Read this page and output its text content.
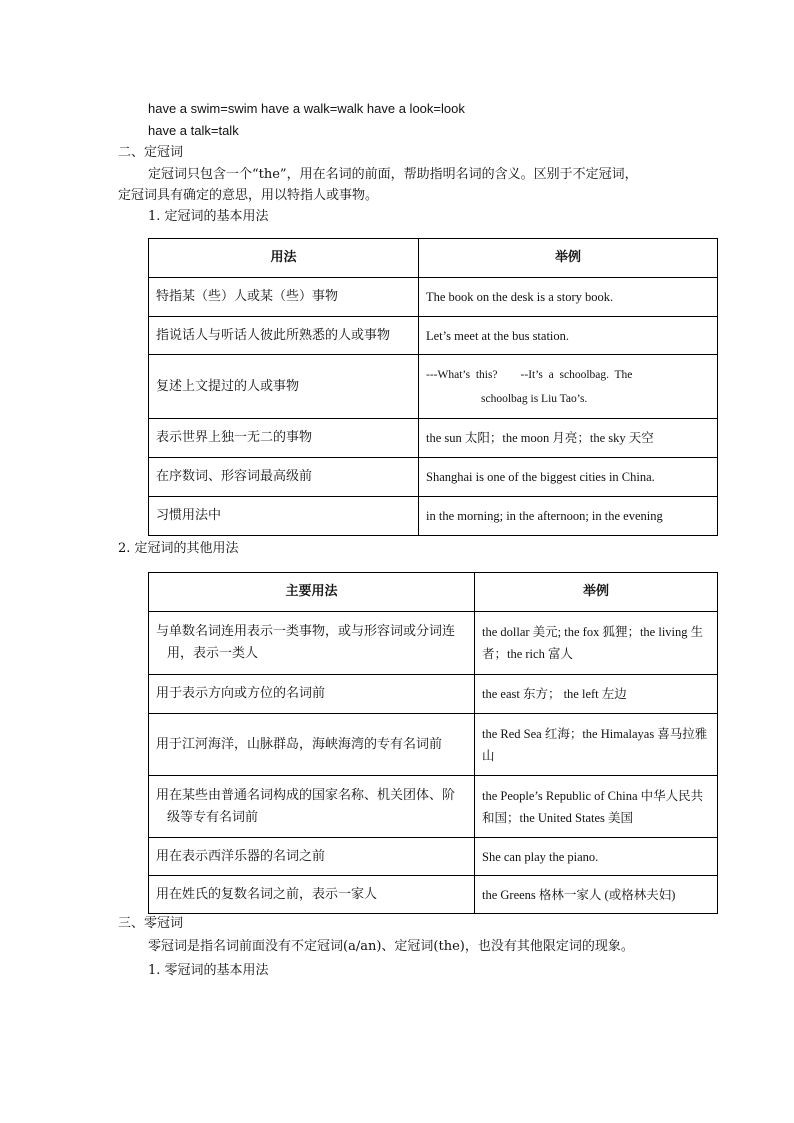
have a swim=swim have a walk=walk have a look=look
have a talk=talk
二、定冠词
定冠词只包含一个“the”，用在名词的前面，帮助指明名词的含义。区别于不定冠词，
定冠词具有确定的意思，用以特指人或事物。
1. 定冠词的基本用法
用法	举例
特指某（些）人或某（些）事物	The book on the desk is a story book.
指说话人与听话人彼此所熟悉的人或事物	Let’s meet at the bus station.
复述上文提过的人或事物	---What’s  this?        --It’s  a  schoolbag.  The
schoolbag is Liu Tao’s.

表示世界上独一无二的事物	the sun 太阳；the moon 月亮；the sky 天空
在序数词、形容词最高级前	Shanghai is one of the biggest cities in China.
习惯用法中	in the morning; in the afternoon; in the evening
2. 定冠词的其他用法
主要用法	举例
与单数名词连用表示一类事物，或与形容词或分词连用，表示一类人	the dollar 美元; the fox 狐狸；the living 生者；the rich 富人
用于表示方向或方位的名词前	the east 东方； the left 左边
用于江河海洋，山脉群岛，海峡海湾的专有名词前	the Red Sea 红海；the Himalayas 喜马拉雅山
用在某些由普通名词构成的国家名称、机关团体、阶级等专有名词前	the People’s Republic of China 中华人民共和国；the United States 美国
用在表示西洋乐器的名词之前	She can play the piano.
用在姓氏的复数名词之前，表示一家人	the Greens 格林一家人 (或格林夫妇)
三、零冠词
零冠词是指名词前面没有不定冠词(a/an)、定冠词(the)，也没有其他限定词的现象。
1. 零冠词的基本用法
